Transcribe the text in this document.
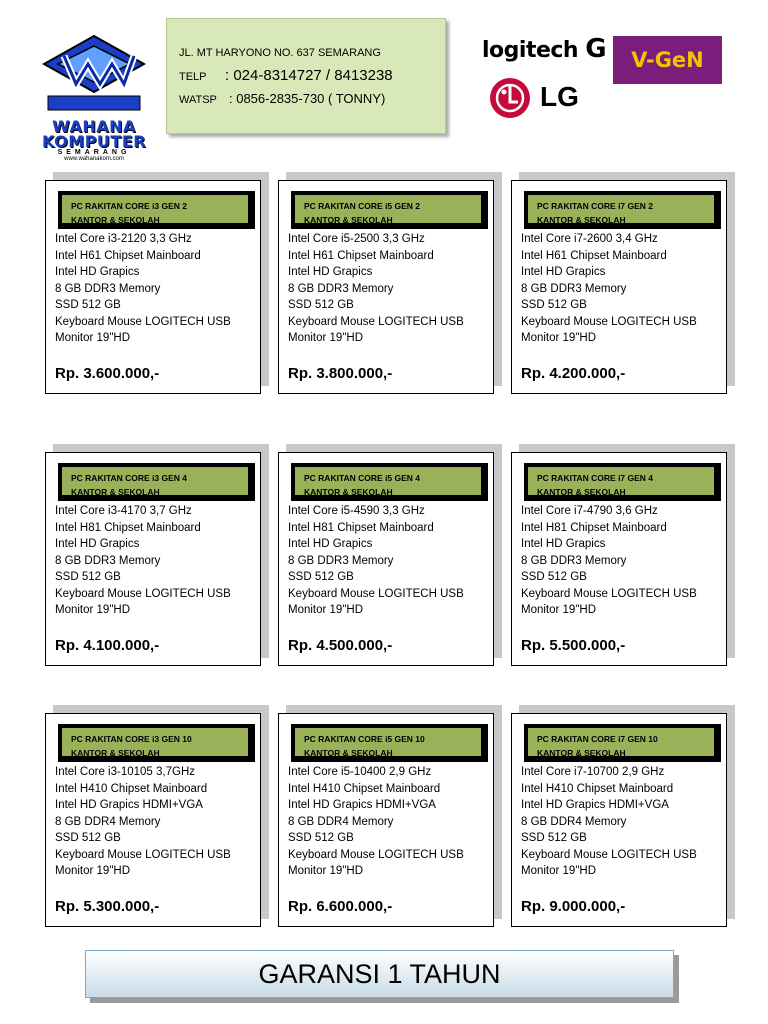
WAHANA
KOMPUTER
SEMARANG
www.wahanakom.com
JL. MT HARYONO NO. 637 SEMARANG
TELP : 024-8314727 / 8413238
WATSP : 0856-2835-730 ( TONNY)
logitech G	V-GeN
LG
PC RAKITAN CORE i3 GEN 2
KANTOR & SEKOLAH
Intel Core i3-2120 3,3 GHz
Intel H61 Chipset Mainboard
Intel HD Grapics
8 GB DDR3 Memory
SSD 512 GB
Keyboard Mouse LOGITECH USB
Monitor 19"HD
Rp. 3.600.000,-
PC RAKITAN CORE i5 GEN 2
KANTOR & SEKOLAH
Intel Core i5-2500 3,3 GHz
Intel H61 Chipset Mainboard
Intel HD Grapics
8 GB DDR3 Memory
SSD 512 GB
Keyboard Mouse LOGITECH USB
Monitor 19"HD
Rp. 3.800.000,-
PC RAKITAN CORE i7 GEN 2
KANTOR & SEKOLAH
Intel Core i7-2600 3,4 GHz
Intel H61 Chipset Mainboard
Intel HD Grapics
8 GB DDR3 Memory
SSD 512 GB
Keyboard Mouse LOGITECH USB
Monitor 19"HD
Rp. 4.200.000,-
PC RAKITAN CORE i3 GEN 4
KANTOR & SEKOLAH
Intel Core i3-4170 3,7 GHz
Intel H81 Chipset Mainboard
Intel HD Grapics
8 GB DDR3 Memory
SSD 512 GB
Keyboard Mouse LOGITECH USB
Monitor 19"HD
Rp. 4.100.000,-
PC RAKITAN CORE i5 GEN 4
KANTOR & SEKOLAH
Intel Core i5-4590 3,3 GHz
Intel H81 Chipset Mainboard
Intel HD Grapics
8 GB DDR3 Memory
SSD 512 GB
Keyboard Mouse LOGITECH USB
Monitor 19"HD
Rp. 4.500.000,-
PC RAKITAN CORE i7 GEN 4
KANTOR & SEKOLAH
Intel Core i7-4790 3,6 GHz
Intel H81 Chipset Mainboard
Intel HD Grapics
8 GB DDR3 Memory
SSD 512 GB
Keyboard Mouse LOGITECH USB
Monitor 19"HD
Rp. 5.500.000,-
PC RAKITAN CORE i3 GEN 10
KANTOR & SEKOLAH
Intel Core i3-10105 3,7GHz
Intel H410 Chipset Mainboard
Intel HD Grapics HDMI+VGA
8 GB DDR4 Memory
SSD 512 GB
Keyboard Mouse LOGITECH USB
Monitor 19"HD
Rp. 5.300.000,-
PC RAKITAN CORE i5 GEN 10
KANTOR & SEKOLAH
Intel Core i5-10400 2,9 GHz
Intel H410 Chipset Mainboard
Intel HD Grapics HDMI+VGA
8 GB DDR4 Memory
SSD 512 GB
Keyboard Mouse LOGITECH USB
Monitor 19"HD
Rp. 6.600.000,-
PC RAKITAN CORE i7 GEN 10
KANTOR & SEKOLAH
Intel Core i7-10700 2,9 GHz
Intel H410 Chipset Mainboard
Intel HD Grapics HDMI+VGA
8 GB DDR4 Memory
SSD 512 GB
Keyboard Mouse LOGITECH USB
Monitor 19"HD
Rp. 9.000.000,-
GARANSI 1 TAHUN
